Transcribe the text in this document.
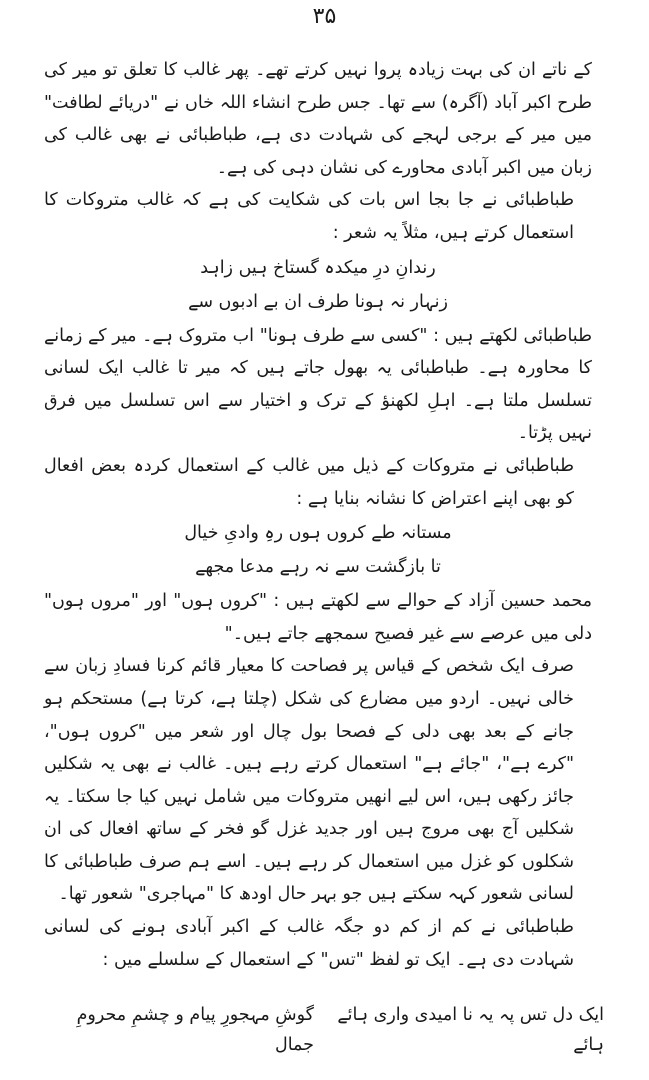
۳۵

کے ناتے ان کی بہت زیادہ پروا نہیں کرتے تھے۔ پھر غالب کا تعلق تو میر کی طرح اکبر آباد (آگرہ) سے تھا۔ جس طرح انشاء اللہ خاں نے "دریائے لطافت" میں میر کے برجی لہجے کی شہادت دی ہے، طباطبائی نے بھی غالب کی زبان میں اکبر آبادی محاورے کی نشان دہی کی ہے۔

طباطبائی نے جا بجا اس بات کی شکایت کی ہے کہ غالب متروکات کا استعمال کرتے ہیں، مثلاً یہ شعر :

رندانِ درِ میکدہ گستاخ ہیں زاہد
زنہار نہ ہونا طرف ان بے ادبوں سے

طباطبائی لکھتے ہیں : "کسی سے طرف ہونا" اب متروک ہے۔ میر کے زمانے کا محاورہ ہے۔ طباطبائی یہ بھول جاتے ہیں کہ میر تا غالب ایک لسانی تسلسل ملتا ہے۔ اہلِ لکھنؤ کے ترک و اختیار سے اس تسلسل میں فرق نہیں پڑتا۔

طباطبائی نے متروکات کے ذیل میں غالب کے استعمال کردہ بعض افعال کو بھی اپنے اعتراض کا نشانہ بنایا ہے :

مستانہ طے کروں ہوں رہِ وادیِ خیال
تا بازگشت سے نہ رہے مدعا مجھے

محمد حسین آزاد کے حوالے سے لکھتے ہیں : "کروں ہوں" اور "مروں ہوں" دلی میں عرصے سے غیر فصیح سمجھے جاتے ہیں۔"

صرف ایک شخص کے قیاس پر فصاحت کا معیار قائم کرنا فسادِ زبان سے خالی نہیں۔ اردو میں مضارع کی شکل (چلتا ہے، کرتا ہے) مستحکم ہو جانے کے بعد بھی دلی کے فصحا بول چال اور شعر میں "کروں ہوں"، "کرے ہے"، "جائے ہے" استعمال کرتے رہے ہیں۔ غالب نے بھی یہ شکلیں جائز رکھی ہیں، اس لیے انھیں متروکات میں شامل نہیں کیا جا سکتا۔ یہ شکلیں آج بھی مروج ہیں اور جدید غزل گو فخر کے ساتھ افعال کی ان شکلوں کو غزل میں استعمال کر رہے ہیں۔ اسے ہم صرف طباطبائی کا لسانی شعور کہہ سکتے ہیں جو بہر حال اودھ کا "مہاجری" شعور تھا۔

طباطبائی نے کم از کم دو جگہ غالب کے اکبر آبادی ہونے کی لسانی شہادت دی ہے۔ ایک تو لفظ "تس" کے استعمال کے سلسلے میں :

ایک دل تس پہ یہ نا امیدی واری ہائے ہائے
گوشِ مہجورِ پیام و چشمِ محرومِ جمال
